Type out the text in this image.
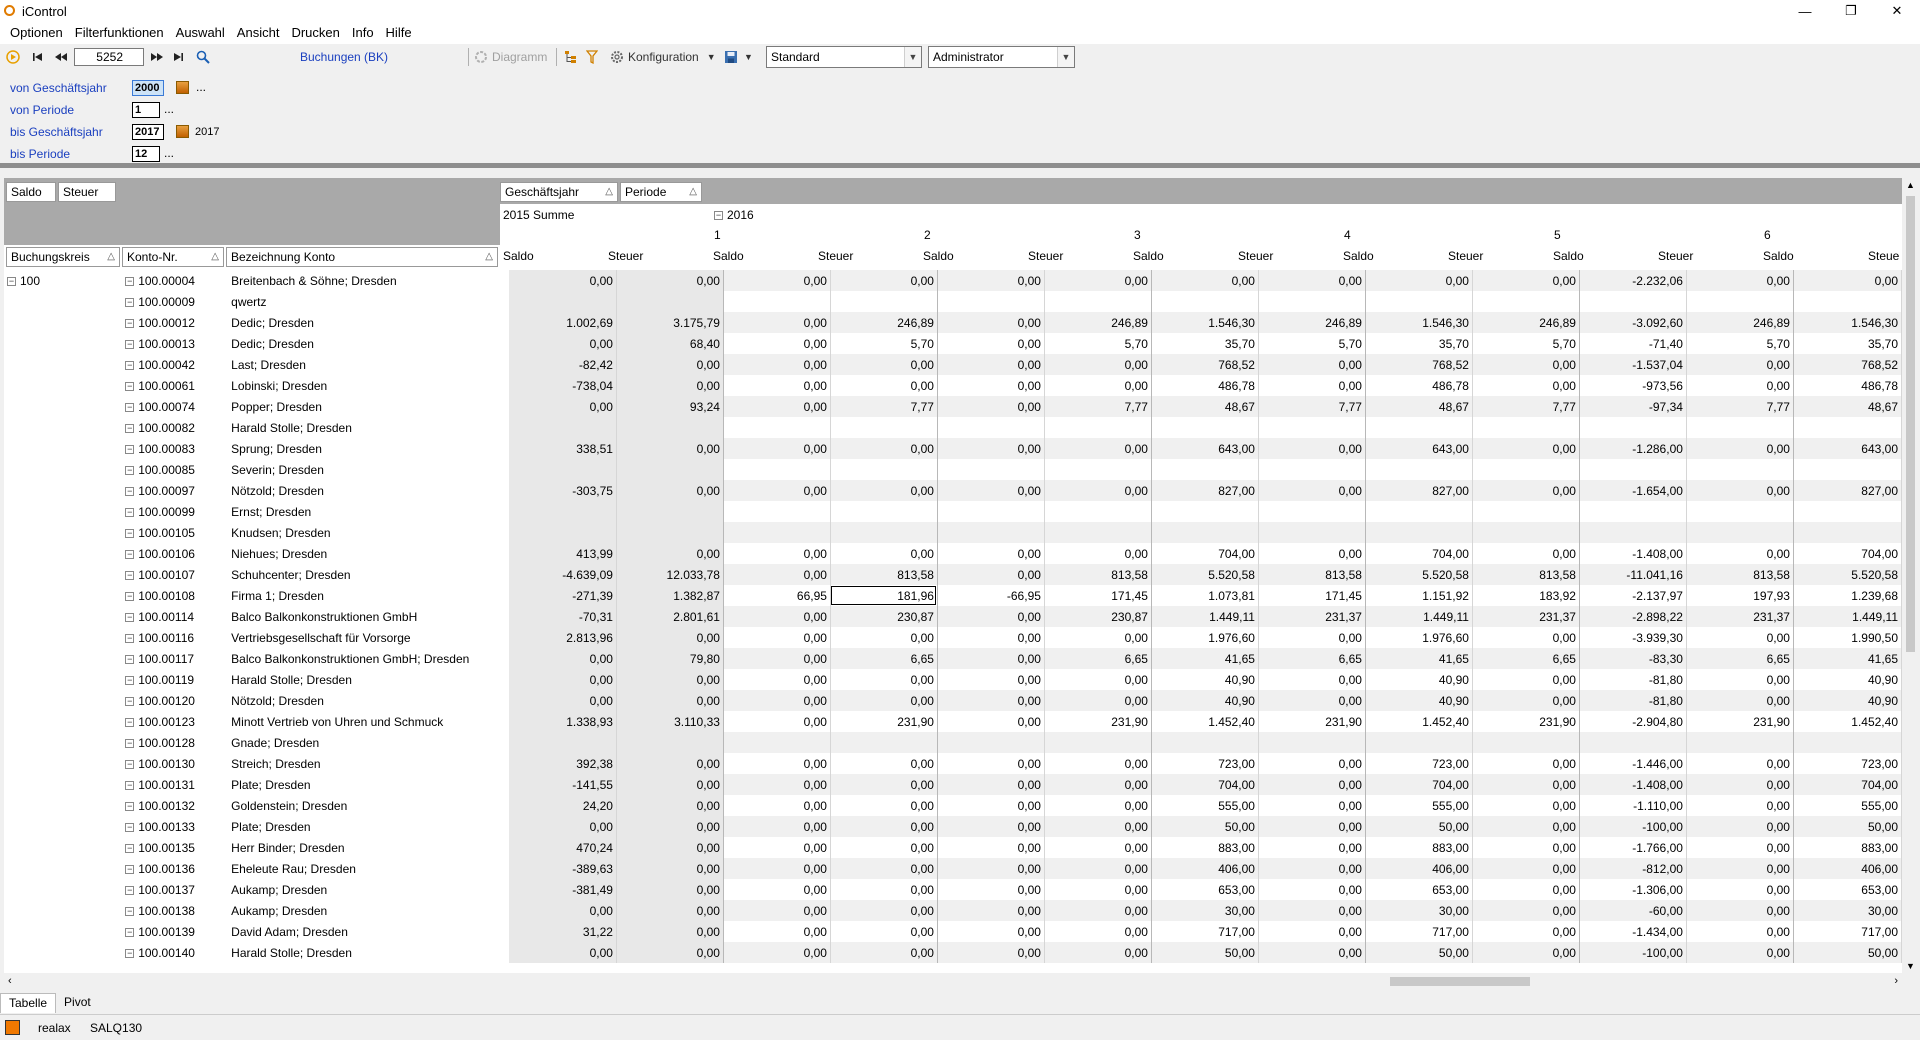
iControl	—	❐	✕
Optionen Filterfunktionen Auswahl Ansicht Drucken Info Hilfe
5252	Buchungen (BK)	Diagramm	Konfiguration ▼	▼	Standard	▼	Administrator	▼
von Geschäftsjahr	2000	...
von Periode	1	...
bis Geschäftsjahr	2017	2017
bis Periode	12	...
Saldo	Steuer	Geschäftsjahr	△	Periode △
2015 Summe	− 2016
1	2	3	4	5	6
Saldo	Steuer	Saldo	Steuer	Saldo	Steuer	Saldo	Steuer	Saldo	Steuer	Saldo	Steuer	Saldo	Steue
Buchungskreis △	Konto-Nr.	△	Bezeichnung Konto	△
− 100	− 100.00004	Breitenbach & Söhne; Dresden	0,00	0,00	0,00	0,00	0,00	0,00	0,00	0,00	0,00	0,00	-2.232,06	0,00	0,00
	− 100.00009	qwertz													
	− 100.00012	Dedic; Dresden	1.002,69	3.175,79	0,00	246,89	0,00	246,89	1.546,30	246,89	1.546,30	246,89	-3.092,60	246,89	1.546,30
	− 100.00013	Dedic; Dresden	0,00	68,40	0,00	5,70	0,00	5,70	35,70	5,70	35,70	5,70	-71,40	5,70	35,70
	− 100.00042	Last; Dresden	-82,42	0,00	0,00	0,00	0,00	0,00	768,52	0,00	768,52	0,00	-1.537,04	0,00	768,52
	− 100.00061	Lobinski; Dresden	-738,04	0,00	0,00	0,00	0,00	0,00	486,78	0,00	486,78	0,00	-973,56	0,00	486,78
	− 100.00074	Popper; Dresden	0,00	93,24	0,00	7,77	0,00	7,77	48,67	7,77	48,67	7,77	-97,34	7,77	48,67
	− 100.00082	Harald Stolle; Dresden													
	− 100.00083	Sprung; Dresden	338,51	0,00	0,00	0,00	0,00	0,00	643,00	0,00	643,00	0,00	-1.286,00	0,00	643,00
	− 100.00085	Severin; Dresden													
	− 100.00097	Nötzold; Dresden	-303,75	0,00	0,00	0,00	0,00	0,00	827,00	0,00	827,00	0,00	-1.654,00	0,00	827,00
	− 100.00099	Ernst; Dresden													
	− 100.00105	Knudsen; Dresden													
	− 100.00106	Niehues; Dresden	413,99	0,00	0,00	0,00	0,00	0,00	704,00	0,00	704,00	0,00	-1.408,00	0,00	704,00
	− 100.00107	Schuhcenter; Dresden	-4.639,09	12.033,78	0,00	813,58	0,00	813,58	5.520,58	813,58	5.520,58	813,58	-11.041,16	813,58	5.520,58
	− 100.00108	Firma 1; Dresden	-271,39	1.382,87	66,95	181,96	-66,95	171,45	1.073,81	171,45	1.151,92	183,92	-2.137,97	197,93	1.239,68
	− 100.00114	Balco Balkonkonstruktionen GmbH	-70,31	2.801,61	0,00	230,87	0,00	230,87	1.449,11	231,37	1.449,11	231,37	-2.898,22	231,37	1.449,11
	− 100.00116	Vertriebsgesellschaft für Vorsorge	2.813,96	0,00	0,00	0,00	0,00	0,00	1.976,60	0,00	1.976,60	0,00	-3.939,30	0,00	1.990,50
	− 100.00117	Balco Balkonkonstruktionen GmbH; Dresden	0,00	79,80	0,00	6,65	0,00	6,65	41,65	6,65	41,65	6,65	-83,30	6,65	41,65
	− 100.00119	Harald Stolle; Dresden	0,00	0,00	0,00	0,00	0,00	0,00	40,90	0,00	40,90	0,00	-81,80	0,00	40,90
	− 100.00120	Nötzold; Dresden	0,00	0,00	0,00	0,00	0,00	0,00	40,90	0,00	40,90	0,00	-81,80	0,00	40,90
	− 100.00123	Minott Vertrieb von Uhren und Schmuck	1.338,93	3.110,33	0,00	231,90	0,00	231,90	1.452,40	231,90	1.452,40	231,90	-2.904,80	231,90	1.452,40
	− 100.00128	Gnade; Dresden													
	− 100.00130	Streich; Dresden	392,38	0,00	0,00	0,00	0,00	0,00	723,00	0,00	723,00	0,00	-1.446,00	0,00	723,00
	− 100.00131	Plate; Dresden	-141,55	0,00	0,00	0,00	0,00	0,00	704,00	0,00	704,00	0,00	-1.408,00	0,00	704,00
	− 100.00132	Goldenstein; Dresden	24,20	0,00	0,00	0,00	0,00	0,00	555,00	0,00	555,00	0,00	-1.110,00	0,00	555,00
	− 100.00133	Plate; Dresden	0,00	0,00	0,00	0,00	0,00	0,00	50,00	0,00	50,00	0,00	-100,00	0,00	50,00
	− 100.00135	Herr Binder; Dresden	470,24	0,00	0,00	0,00	0,00	0,00	883,00	0,00	883,00	0,00	-1.766,00	0,00	883,00
	− 100.00136	Eheleute Rau; Dresden	-389,63	0,00	0,00	0,00	0,00	0,00	406,00	0,00	406,00	0,00	-812,00	0,00	406,00
	− 100.00137	Aukamp; Dresden	-381,49	0,00	0,00	0,00	0,00	0,00	653,00	0,00	653,00	0,00	-1.306,00	0,00	653,00
	− 100.00138	Aukamp; Dresden	0,00	0,00	0,00	0,00	0,00	0,00	30,00	0,00	30,00	0,00	-60,00	0,00	30,00
	− 100.00139	David Adam; Dresden	31,22	0,00	0,00	0,00	0,00	0,00	717,00	0,00	717,00	0,00	-1.434,00	0,00	717,00
	− 100.00140	Harald Stolle; Dresden	0,00	0,00	0,00	0,00	0,00	0,00	50,00	0,00	50,00	0,00	-100,00	0,00	50,00
▲
▼
‹	›
Tabelle	Pivot
realax SALQ130
